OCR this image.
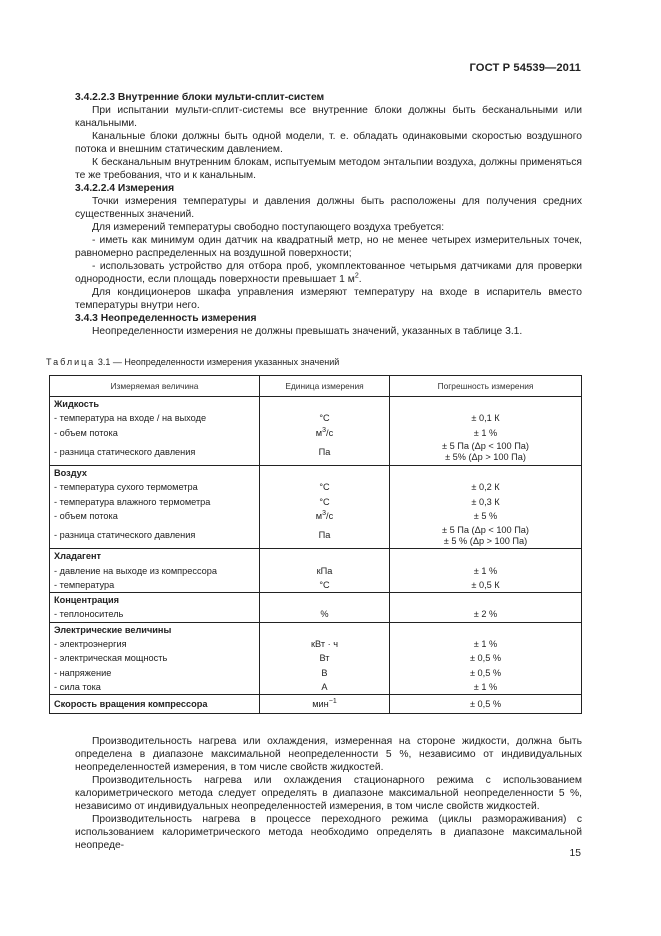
ГОСТ Р 54539—2011
3.4.2.2.3 Внутренние блоки мульти-сплит-систем

При испытании мульти-сплит-системы все внутренние блоки должны быть бесканальными или канальными.

Канальные блоки должны быть одной модели, т. е. обладать одинаковыми скоростью воздушного потока и внешним статическим давлением.

К бесканальным внутренним блокам, испытуемым методом энтальпии воздуха, должны применяться те же требования, что и к канальным.

3.4.2.2.4 Измерения

Точки измерения температуры и давления должны быть расположены для получения средних существенных значений.

Для измерений температуры свободно поступающего воздуха требуется:

- иметь как минимум один датчик на квадратный метр, но не менее четырех измерительных точек, равномерно распределенных на воздушной поверхности;

- использовать устройство для отбора проб, укомплектованное четырьмя датчиками для проверки однородности, если площадь поверхности превышает 1 $м^2$.

Для кондиционеров шкафа управления измеряют температуру на входе в испаритель вместо температуры внутри него.

3.4.3 Неопределенность измерения

Неопределенности измерения не должны превышать значений, указанных в таблице 3.1.

Таблица 3.1 — Неопределенности измерения указанных значений
Измеряемая величина	Единица измерения	Погрешность измерения
Жидкость		
- температура на входе / на выходе	°С	± 0,1 К
- объем потока	$м^3/с$	± 1 %
- разница статического давления	Па	± 5 Па (Δр < 100 Па)
± 5% (Δр > 100 Па)

Воздух		
- температура сухого термометра	°С	± 0,2 К
- температура влажного термометра	°С	± 0,3 К
- объем потока	$м^3/с$	± 5 %
- разница статического давления	Па	± 5 Па (Δр < 100 Па)
± 5 % (Δр > 100 Па)

Хладагент		
- давление на выходе из компрессора	кПа	± 1 %
- температура	°С	± 0,5 К
Концентрация		
- теплоноситель	%	± 2 %
Электрические величины		
- электроэнергия	кВт · ч	± 1 %
- электрическая мощность	Вт	± 0,5 %
- напряжение	В	± 0,5 %
- сила тока	А	± 1 %
Скорость вращения компрессора	мин$^{-1}$	± 0,5 %

Производительность нагрева или охлаждения, измеренная на стороне жидкости, должна быть определена в диапазоне максимальной неопределенности 5 %, независимо от индивидуальных неопределенностей измерения, в том числе свойств жидкостей.

Производительность нагрева или охлаждения стационарного режима с использованием калориметрического метода следует определять в диапазоне максимальной неопределенности 5 %, независимо от индивидуальных неопределенностей измерения, в том числе свойств жидкостей.

Производительность нагрева в процессе переходного режима (циклы размораживания) с использованием калориметрического метода необходимо определять в диапазоне максимальной неопреде-

15
